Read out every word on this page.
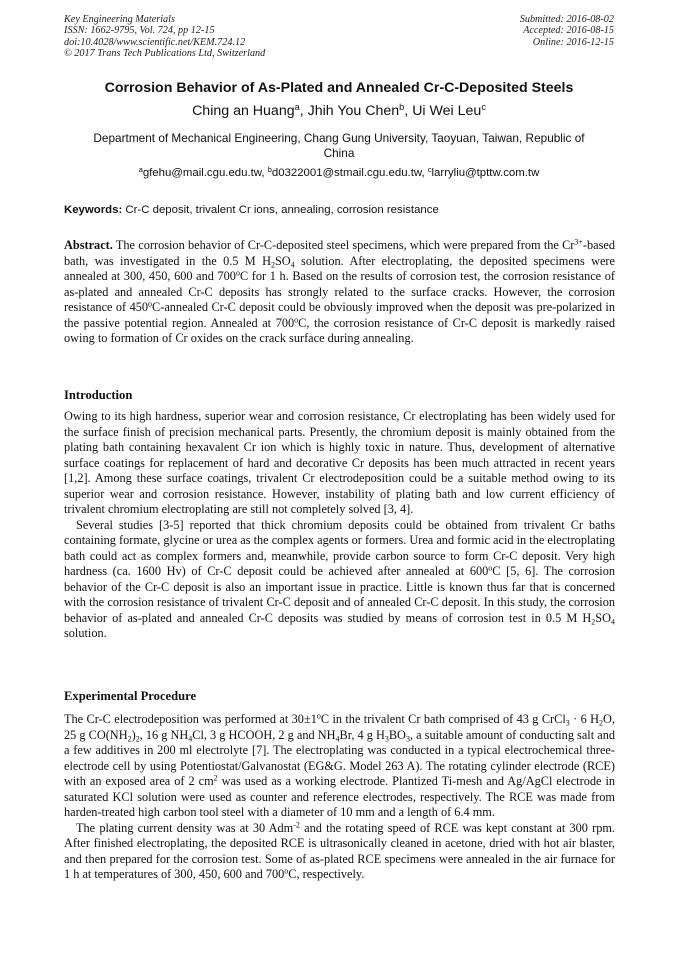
Key Engineering Materials
ISSN: 1662-9795, Vol. 724, pp 12-15
doi:10.4028/www.scientific.net/KEM.724.12
© 2017 Trans Tech Publications Ltd, Switzerland
Submitted: 2016-08-02
Accepted: 2016-08-15
Online: 2016-12-15
Corrosion Behavior of As-Plated and Annealed Cr-C-Deposited Steels
Ching an Huang$^a$, Jhih You Chen$^b$, Ui Wei Leu$^c$
Department of Mechanical Engineering, Chang Gung University, Taoyuan, Taiwan, Republic of China
$^a$gfehu@mail.cgu.edu.tw, $^b$d0322001@stmail.cgu.edu.tw, $^c$larryliu@tpttw.com.tw
Keywords: Cr-C deposit, trivalent Cr ions, annealing, corrosion resistance

Abstract. The corrosion behavior of Cr-C-deposited steel specimens, which were prepared from the $Cr^{3+}$-based bath, was investigated in the 0.5 M $H_2SO_4$ solution. After electroplating, the deposited specimens were annealed at 300, 450, 600 and 700$^o$C for 1 h. Based on the results of corrosion test, the corrosion resistance of as-plated and annealed Cr-C deposits has strongly related to the surface cracks. However, the corrosion resistance of 450$^o$C-annealed Cr-C deposit could be obviously improved when the deposit was pre-polarized in the passive potential region. Annealed at 700$^o$C, the corrosion resistance of Cr-C deposit is markedly raised owing to formation of Cr oxides on the crack surface during annealing.

Introduction

Owing to its high hardness, superior wear and corrosion resistance, Cr electroplating has been widely used for the surface finish of precision mechanical parts. Presently, the chromium deposit is mainly obtained from the plating bath containing hexavalent Cr ion which is highly toxic in nature. Thus, development of alternative surface coatings for replacement of hard and decorative Cr deposits has been much attracted in recent years [1,2]. Among these surface coatings, trivalent Cr electrodeposition could be a suitable method owing to its superior wear and corrosion resistance. However, instability of plating bath and low current efficiency of trivalent chromium electroplating are still not completely solved [3, 4].

Several studies [3-5] reported that thick chromium deposits could be obtained from trivalent Cr baths containing formate, glycine or urea as the complex agents or formers. Urea and formic acid in the electroplating bath could act as complex formers and, meanwhile, provide carbon source to form Cr-C deposit. Very high hardness (ca. 1600 Hv) of Cr-C deposit could be achieved after annealed at 600$^o$C [5, 6]. The corrosion behavior of the Cr-C deposit is also an important issue in practice. Little is known thus far that is concerned with the corrosion resistance of trivalent Cr-C deposit and of annealed Cr-C deposit. In this study, the corrosion behavior of as-plated and annealed Cr-C deposits was studied by means of corrosion test in 0.5 M $H_2SO_4$ solution.

Experimental Procedure

The Cr-C electrodeposition was performed at $30\pm 1^oC$ in the trivalent Cr bath comprised of 43 g CrCl$_3$ · 6 $H_2O$, 25 g $CO(NH_2)_2$, 16 g $NH_4Cl$, 3 g HCOOH, 2 g and $NH_4Br$, 4 g $H_3BO_3$, a suitable amount of conducting salt and a few additives in 200 ml electrolyte [7]. The electroplating was conducted in a typical electrochemical three-electrode cell by using Potentiostat/Galvanostat (EG&G. Model 263 A). The rotating cylinder electrode (RCE) with an exposed area of 2 $cm^2$ was used as a working electrode. Plantized Ti-mesh and Ag/AgCl electrode in saturated KCl solution were used as counter and reference electrodes, respectively. The RCE was made from harden-treated high carbon tool steel with a diameter of 10 mm and a length of 6.4 mm.

The plating current density was at 30 Adm$^{-2}$ and the rotating speed of RCE was kept constant at 300 rpm. After finished electroplating, the deposited RCE is ultrasonically cleaned in acetone, dried with hot air blaster, and then prepared for the corrosion test. Some of as-plated RCE specimens were annealed in the air furnace for 1 h at temperatures of 300, 450, 600 and 700$^o$C, respectively.
